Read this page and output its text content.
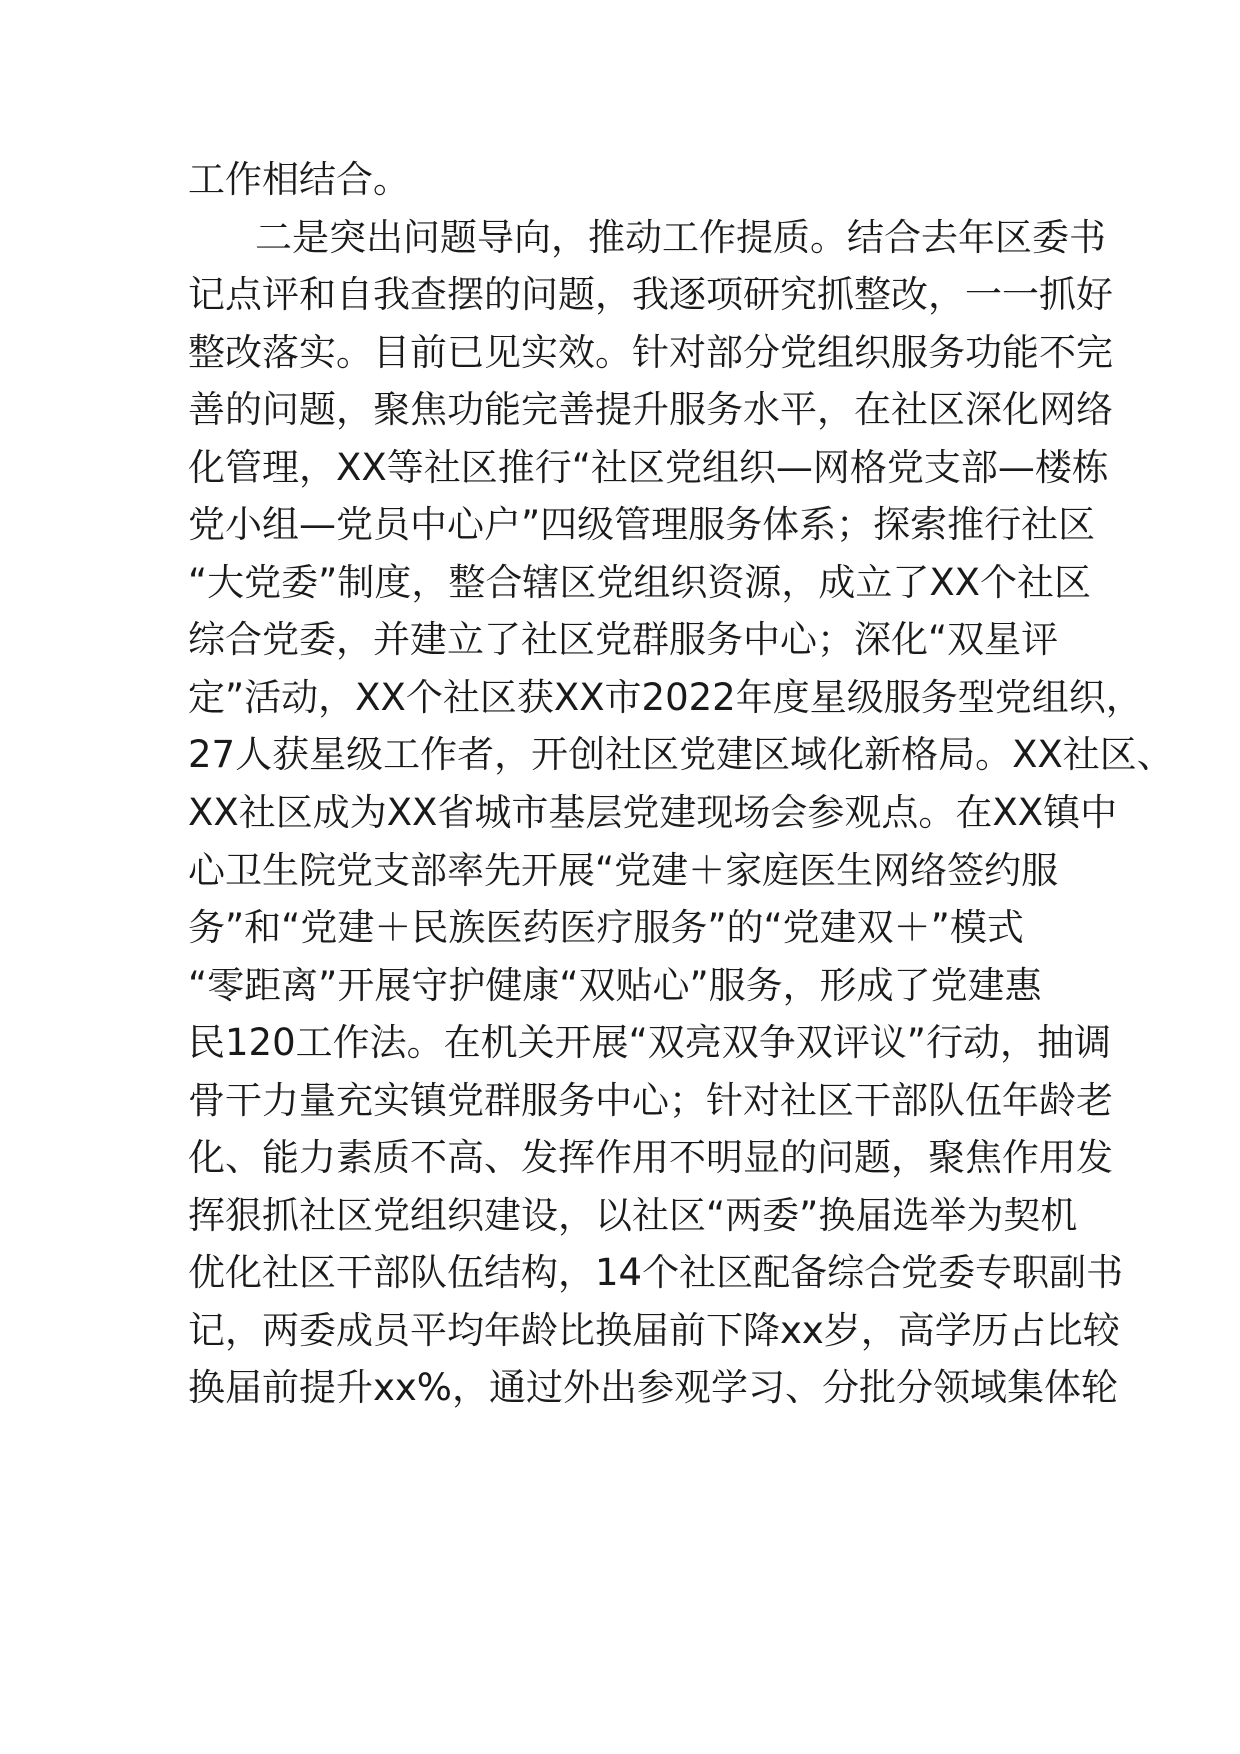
工作相结合。

二是突出问题导向，推动工作提质。结合去年区委书

记点评和自我查摆的问题，我逐项研究抓整改，一一抓好

整改落实。目前已见实效。针对部分党组织服务功能不完

善的问题，聚焦功能完善提升服务水平，在社区深化网络

化管理，XX等社区推行“社区党组织—网格党支部—楼栋

党小组—党员中心户”四级管理服务体系；探索推行社区

“大党委”制度，整合辖区党组织资源，成立了XX个社区

综合党委，并建立了社区党群服务中心；深化“双星评

定”活动，XX个社区获XX市2022年度星级服务型党组织，

27人获星级工作者，开创社区党建区域化新格局。XX社区、

XX社区成为XX省城市基层党建现场会参观点。在XX镇中

心卫生院党支部率先开展“党建＋家庭医生网络签约服

务”和“党建＋民族医药医疗服务”的“党建双＋”模式

“零距离”开展守护健康“双贴心”服务，形成了党建惠

民120工作法。在机关开展“双亮双争双评议”行动，抽调

骨干力量充实镇党群服务中心；针对社区干部队伍年龄老

化、能力素质不高、发挥作用不明显的问题，聚焦作用发

挥狠抓社区党组织建设，以社区“两委”换届选举为契机

优化社区干部队伍结构，14个社区配备综合党委专职副书

记，两委成员平均年龄比换届前下降xx岁，高学历占比较

换届前提升xx%，通过外出参观学习、分批分领域集体轮
